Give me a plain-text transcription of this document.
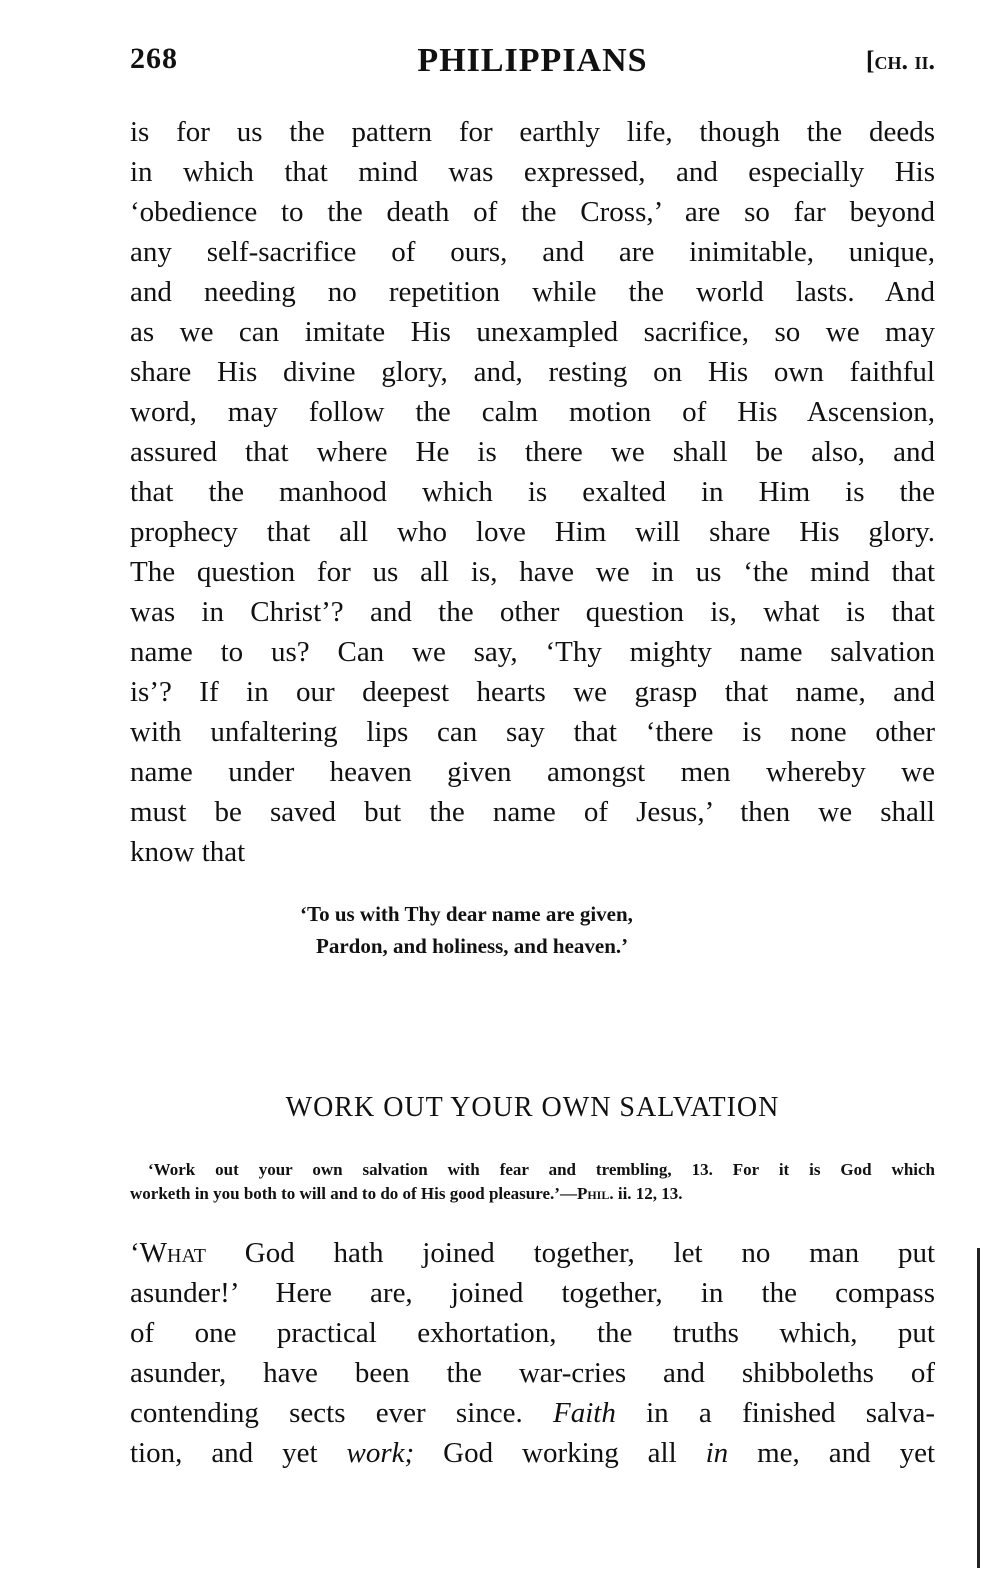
268	PHILIPPIANS	[ch. ii.
is for us the pattern for earthly life, though the deeds
in which that mind was expressed, and especially His
‘obedience to the death of the Cross,’ are so far beyond
any self-sacrifice of ours, and are inimitable, unique,
and needing no repetition while the world lasts. And
as we can imitate His unexampled sacrifice, so we may
share His divine glory, and, resting on His own faithful
word, may follow the calm motion of His Ascension,
assured that where He is there we shall be also, and
that the manhood which is exalted in Him is the
prophecy that all who love Him will share His glory.
The question for us all is, have we in us ‘the mind that
was in Christ’? and the other question is, what is that
name to us? Can we say, ‘Thy mighty name salvation
is’? If in our deepest hearts we grasp that name, and
with unfaltering lips can say that ‘there is none other
name under heaven given amongst men whereby we
must be saved but the name of Jesus,’ then we shall
know that
‘To us with Thy dear name are given,
Pardon, and holiness, and heaven.’
WORK OUT YOUR OWN SALVATION
‘Work out your own salvation with fear and trembling, 13. For it is God which
worketh in you both to will and to do of His good pleasure.’—Phil. ii. 12, 13.
‘What God hath joined together, let no man put
asunder!’ Here are, joined together, in the compass
of one practical exhortation, the truths which, put
asunder, have been the war-cries and shibboleths of
contending sects ever since. Faith in a finished salva-
tion, and yet work; God working all in me, and yet
